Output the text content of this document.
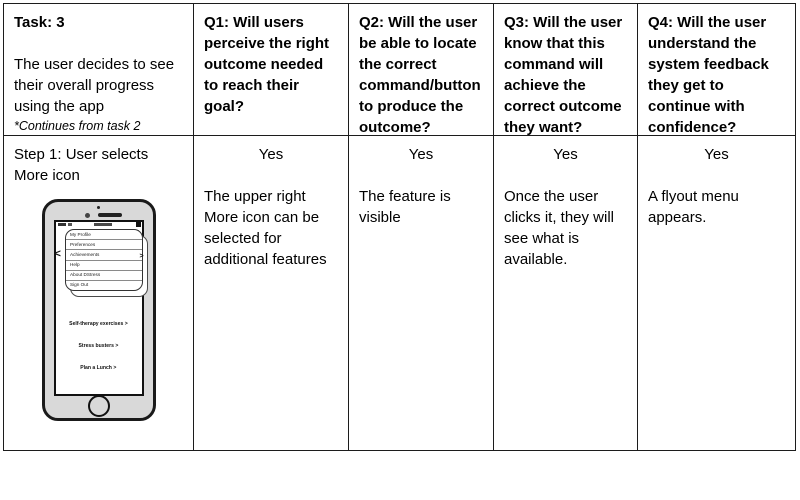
Task: 3
The user decides to see their overall progress using the app
*Continues from task 2
Q1: Will users perceive the right outcome needed to reach their goal?
Q2: Will the user be able to locate the correct command/button to produce the outcome?
Q3: Will the user know that this command will achieve the correct outcome they want?
Q4: Will the user understand the system feedback they get to continue with confidence?
Step 1: User selects More icon
My Profile
Preferences
Achievements
Help
About DStress
Sign Out
<	>
Self-therapy exercises >
Stress busters >
Plan a Lunch >
Yes
The upper right More icon can be selected for additional features
Yes
The feature is visible
Yes
Once the user clicks it, they will see what is available.
Yes
A flyout menu appears.
